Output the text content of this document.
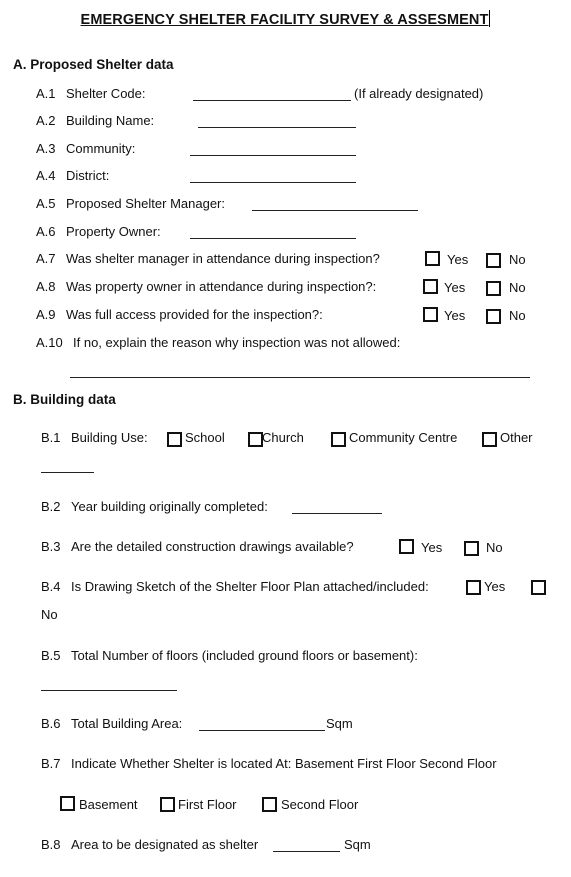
EMERGENCY SHELTER FACILITY SURVEY & ASSESMENT
A. Proposed Shelter data
A.1 Shelter Code:	(If already designated)
A.2 Building Name:
A.3 Community:
A.4 District:
A.5 Proposed Shelter Manager:
A.6 Property Owner:
A.7 Was shelter manager in attendance during inspection?	Yes	No
A.8 Was property owner in attendance during inspection?:	Yes	No
A.9 Was full access provided for the inspection?:	Yes	No
A.10 If no, explain the reason why inspection was not allowed:
B. Building data
B.1 Building Use:	School	Church	Community Centre	Other
B.2 Year building originally completed:
B.3 Are the detailed construction drawings available?	Yes	No
B.4 Is Drawing Sketch of the Shelter Floor Plan attached/included:	Yes
No
B.5 Total Number of floors (included ground floors or basement):
B.6 Total Building Area:	Sqm
B.7 Indicate Whether Shelter is located At: Basement First Floor Second Floor
Basement	First Floor	Second Floor
B.8 Area to be designated as shelter	Sqm
